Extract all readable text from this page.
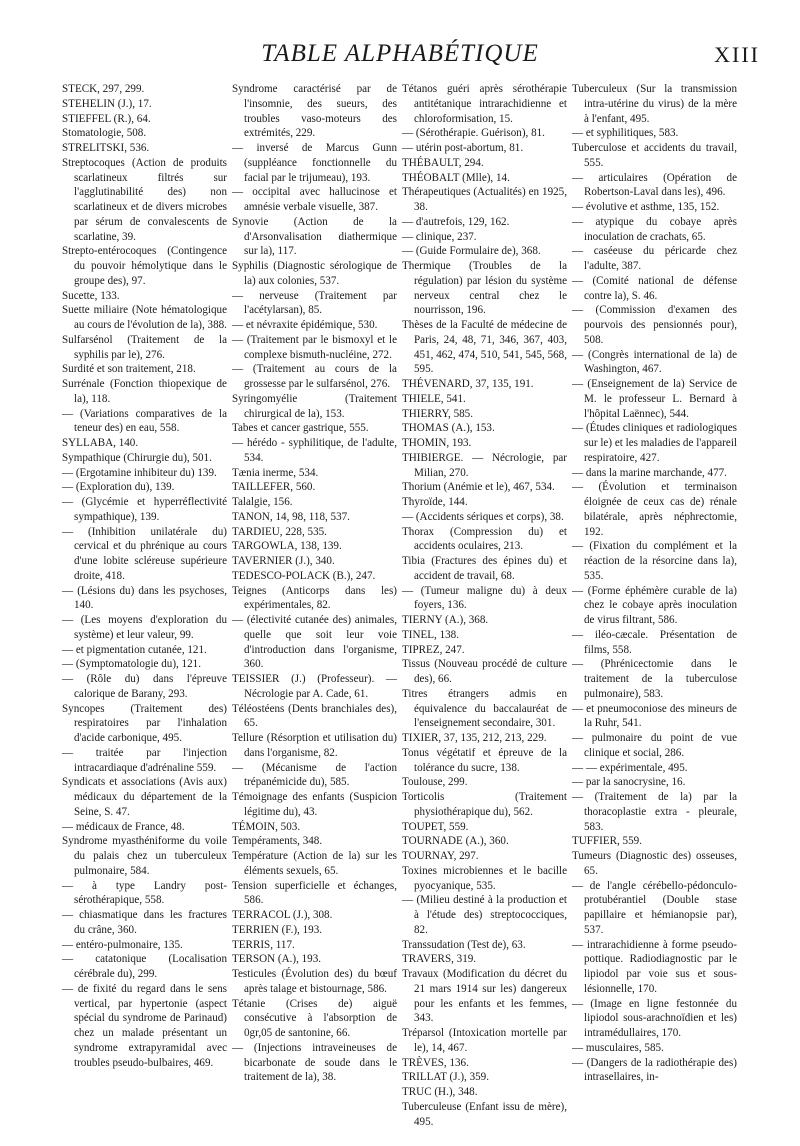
TABLE ALPHABÉTIQUE	XIII
STECK, 297, 299.
STEHELIN (J.), 17.
STIEFFEL (R.), 64.
Stomatologie, 508.
STRELITSKI, 536.
Streptocoques (Action de produits scarlatineux filtrés sur l'agglutinabilité des) non scarlatineux et de divers microbes par sérum de convalescents de scarlatine, 39.
Strepto-entérocoques (Contingence du pouvoir hémolytique dans le groupe des), 97.
Sucette, 133.
Suette miliaire (Note hématologique au cours de l'évolution de la), 388.
Sulfarsénol (Traitement de la syphilis par le), 276.
Surdité et son traitement, 218.
Surrénale (Fonction thiopexique de la), 118.
— (Variations comparatives de la teneur des) en eau, 558.
SYLLABA, 140.
Sympathique (Chirurgie du), 501.
— (Ergotamine inhibiteur du) 139.
— (Exploration du), 139.
— (Glycémie et hyperréflectivité sympathique), 139.
— (Inhibition unilatérale du) cervical et du phrénique au cours d'une lobite scléreuse supérieure droite, 418.
— (Lésions du) dans les psychoses, 140.
— (Les moyens d'exploration du système) et leur valeur, 99.
— et pigmentation cutanée, 121.
— (Symptomatologie du), 121.
— (Rôle du) dans l'épreuve calorique de Barany, 293.
Syncopes (Traitement des) respiratoires par l'inhalation d'acide carbonique, 495.
— traitée par l'injection intracardiaque d'adrénaline 559.
Syndicats et associations (Avis aux) médicaux du département de la Seine, S. 47.
— médicaux de France, 48.
Syndrome myasthéniforme du voile du palais chez un tuberculeux pulmonaire, 584.
— à type Landry post-sérothérapique, 558.
— chiasmatique dans les fractures du crâne, 360.
— entéro-pulmonaire, 135.
— catatonique (Localisation cérébrale du), 299.
— de fixité du regard dans le sens vertical, par hypertonie (aspect spécial du syndrome de Parinaud) chez un malade présentant un syndrome extrapyramidal avec troubles pseudo-bulbaires, 469.
Syndrome caractérisé par de l'insomnie, des sueurs, des troubles vaso-moteurs des extrémités, 229.
— inversé de Marcus Gunn (suppléance fonctionnelle du facial par le trijumeau), 193.
— occipital avec hallucinose et amnésie verbale visuelle, 387.
Synovie (Action de la d'Arsonvalisation diathermique sur la), 117.
Syphilis (Diagnostic sérologique de la) aux colonies, 537.
— nerveuse (Traitement par l'acétylarsan), 85.
— et névraxite épidémique, 530.
— (Traitement par le bismoxyl et le complexe bismuth-nucléine, 272.
— (Traitement au cours de la grossesse par le sulfarsénol, 276.
Syringomyélie (Traitement chirurgical de la), 153.
Tabes et cancer gastrique, 555.
— hérédo - syphilitique, de l'adulte, 534.
Tænia inerme, 534.
TAILLEFER, 560.
Talalgie, 156.
TANON, 14, 98, 118, 537.
TARDIEU, 228, 535.
TARGOWLA, 138, 139.
TAVERNIER (J.), 340.
TEDESCO-POLACK (B.), 247.
Teignes (Anticorps dans les) expérimentales, 82.
— (électivité cutanée des) animales, quelle que soit leur voie d'introduction dans l'organisme, 360.
TEISSIER (J.) (Professeur). — Nécrologie par A. Cade, 61.
Téléostéens (Dents branchiales des), 65.
Tellure (Résorption et utilisation du) dans l'organisme, 82.
— (Mécanisme de l'action trépanémicide du), 585.
Témoignage des enfants (Suspicion légitime du), 43.
TÉMOIN, 503.
Tempéraments, 348.
Température (Action de la) sur les éléments sexuels, 65.
Tension superficielle et échanges, 586.
TERRACOL (J.), 308.
TERRIEN (F.), 193.
TERRIS, 117.
TERSON (A.), 193.
Testicules (Évolution des) du bœuf après talage et bistournage, 586.
Tétanie (Crises de) aiguë consécutive à l'absorption de 0gr,05 de santonine, 66.
— (Injections intraveineuses de bicarbonate de soude dans le traitement de la), 38.
Tétanos guéri après sérothérapie antitétanique intrarachidienne et chloroformisation, 15.
— (Sérothérapie. Guérison), 81.
— utérin post-abortum, 81.
THÉBAULT, 294.
THÉOBALT (Mlle), 14.
Thérapeutiques (Actualités) en 1925, 38.
— d'autrefois, 129, 162.
— clinique, 237.
— (Guide Formulaire de), 368.
Thermique (Troubles de la régulation) par lésion du système nerveux central chez le nourrisson, 196.
Thèses de la Faculté de médecine de Paris, 24, 48, 71, 346, 367, 403, 451, 462, 474, 510, 541, 545, 568, 595.
THÉVENARD, 37, 135, 191.
THIELE, 541.
THIERRY, 585.
THOMAS (A.), 153.
THOMIN, 193.
THIBIERGE. — Nécrologie, par Milian, 270.
Thorium (Anémie et le), 467, 534.
Thyroïde, 144.
— (Accidents sériques et corps), 38.
Thorax (Compression du) et accidents oculaires, 213.
Tibia (Fractures des épines du) et accident de travail, 68.
— (Tumeur maligne du) à deux foyers, 136.
TIERNY (A.), 368.
TINEL, 138.
TIPREZ, 247.
Tissus (Nouveau procédé de culture des), 66.
Titres étrangers admis en équivalence du baccalauréat de l'enseignement secondaire, 301.
TIXIER, 37, 135, 212, 213, 229.
Tonus végétatif et épreuve de la tolérance du sucre, 138.
Toulouse, 299.
Torticolis (Traitement physiothérapique du), 562.
TOUPET, 559.
TOURNADE (A.), 360.
TOURNAY, 297.
Toxines microbiennes et le bacille pyocyanique, 535.
— (Milieu destiné à la production et à l'étude des) streptococciques, 82.
Transsudation (Test de), 63.
TRAVERS, 319.
Travaux (Modification du décret du 21 mars 1914 sur les) dangereux pour les enfants et les femmes, 343.
Tréparsol (Intoxication mortelle par le), 14, 467.
TRÈVES, 136.
TRILLAT (J.), 359.
TRUC (H.), 348.
Tuberculeuse (Enfant issu de mère), 495.
Tuberculeux (Sur la transmission intra-utérine du virus) de la mère à l'enfant, 495.
— et syphilitiques, 583.
Tuberculose et accidents du travail, 555.
— articulaires (Opération de Robertson-Laval dans les), 496.
— évolutive et asthme, 135, 152.
— atypique du cobaye après inoculation de crachats, 65.
— caséeuse du péricarde chez l'adulte, 387.
— (Comité national de défense contre la), S. 46.
— (Commission d'examen des pourvois des pensionnés pour), 508.
— (Congrès international de la) de Washington, 467.
— (Enseignement de la) Service de M. le professeur L. Bernard à l'hôpital Laënnec), 544.
— (Études cliniques et radiologiques sur le) et les maladies de l'appareil respiratoire, 427.
— dans la marine marchande, 477.
— (Évolution et terminaison éloignée de ceux cas de) rénale bilatérale, après néphrectomie, 192.
— (Fixation du complément et la réaction de la résorcine dans la), 535.
— (Forme éphémère curable de la) chez le cobaye après inoculation de virus filtrant, 586.
— iléo-cæcale. Présentation de films, 558.
— (Phrénicectomie dans le traitement de la tuberculose pulmonaire), 583.
— et pneumoconiose des mineurs de la Ruhr, 541.
— pulmonaire du point de vue clinique et social, 286.
— — expérimentale, 495.
— par la sanocrysine, 16.
— (Traitement de la) par la thoracoplastie extra - pleurale, 583.
TUFFIER, 559.
Tumeurs (Diagnostic des) osseuses, 65.
— de l'angle cérébello-pédonculo-protubérantiel (Double stase papillaire et hémianopsie par), 537.
— intrarachidienne à forme pseudo-pottique. Radiodiagnostic par le lipiodol par voie sus et sous-lésionnelle, 170.
— (Image en ligne festonnée du lipiodol sous-arachnoïdien et les) intramédullaires, 170.
— musculaires, 585.
— (Dangers de la radiothérapie des) intrasellaires, in-
